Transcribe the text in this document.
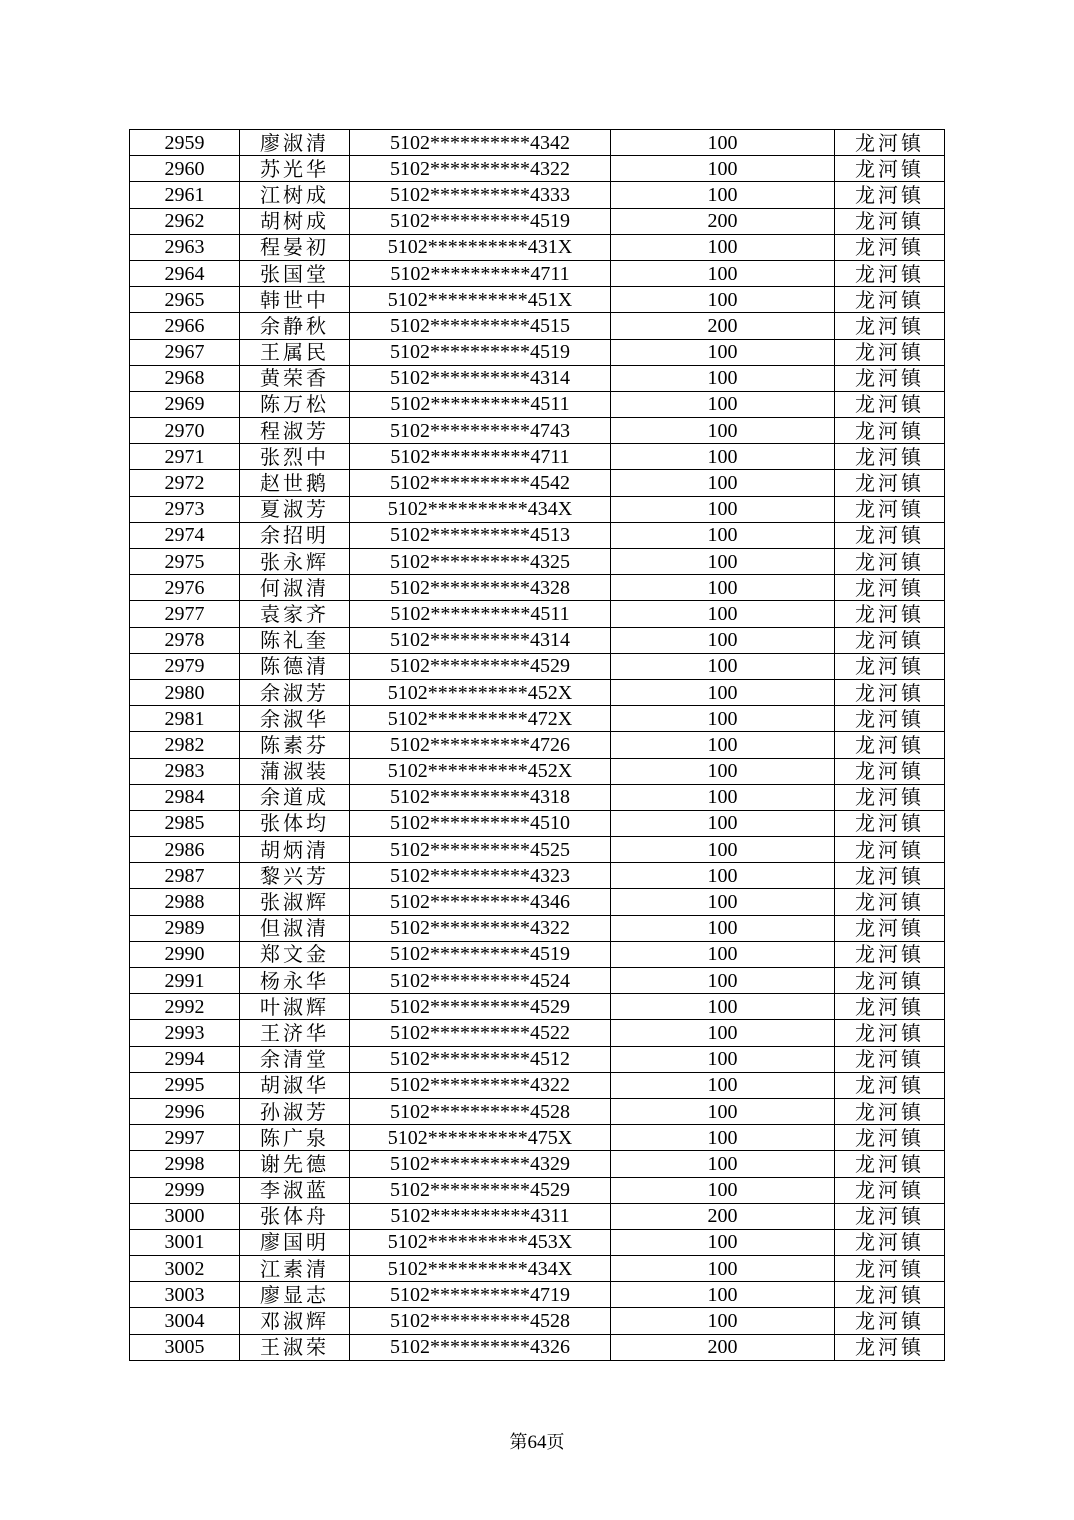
2959	廖淑清	5102**********4342	100	龙河镇
2960	苏光华	5102**********4322	100	龙河镇
2961	江树成	5102**********4333	100	龙河镇
2962	胡树成	5102**********4519	200	龙河镇
2963	程晏初	5102**********431X	100	龙河镇
2964	张国堂	5102**********4711	100	龙河镇
2965	韩世中	5102**********451X	100	龙河镇
2966	余静秋	5102**********4515	200	龙河镇
2967	王属民	5102**********4519	100	龙河镇
2968	黄荣香	5102**********4314	100	龙河镇
2969	陈万松	5102**********4511	100	龙河镇
2970	程淑芳	5102**********4743	100	龙河镇
2971	张烈中	5102**********4711	100	龙河镇
2972	赵世鹅	5102**********4542	100	龙河镇
2973	夏淑芳	5102**********434X	100	龙河镇
2974	余招明	5102**********4513	100	龙河镇
2975	张永辉	5102**********4325	100	龙河镇
2976	何淑清	5102**********4328	100	龙河镇
2977	袁家齐	5102**********4511	100	龙河镇
2978	陈礼奎	5102**********4314	100	龙河镇
2979	陈德清	5102**********4529	100	龙河镇
2980	余淑芳	5102**********452X	100	龙河镇
2981	余淑华	5102**********472X	100	龙河镇
2982	陈素芬	5102**********4726	100	龙河镇
2983	蒲淑装	5102**********452X	100	龙河镇
2984	余道成	5102**********4318	100	龙河镇
2985	张体均	5102**********4510	100	龙河镇
2986	胡炳清	5102**********4525	100	龙河镇
2987	黎兴芳	5102**********4323	100	龙河镇
2988	张淑辉	5102**********4346	100	龙河镇
2989	但淑清	5102**********4322	100	龙河镇
2990	郑文金	5102**********4519	100	龙河镇
2991	杨永华	5102**********4524	100	龙河镇
2992	叶淑辉	5102**********4529	100	龙河镇
2993	王济华	5102**********4522	100	龙河镇
2994	余清堂	5102**********4512	100	龙河镇
2995	胡淑华	5102**********4322	100	龙河镇
2996	孙淑芳	5102**********4528	100	龙河镇
2997	陈广泉	5102**********475X	100	龙河镇
2998	谢先德	5102**********4329	100	龙河镇
2999	李淑蓝	5102**********4529	100	龙河镇
3000	张体舟	5102**********4311	200	龙河镇
3001	廖国明	5102**********453X	100	龙河镇
3002	江素清	5102**********434X	100	龙河镇
3003	廖显志	5102**********4719	100	龙河镇
3004	邓淑辉	5102**********4528	100	龙河镇
3005	王淑荣	5102**********4326	200	龙河镇
第64页
